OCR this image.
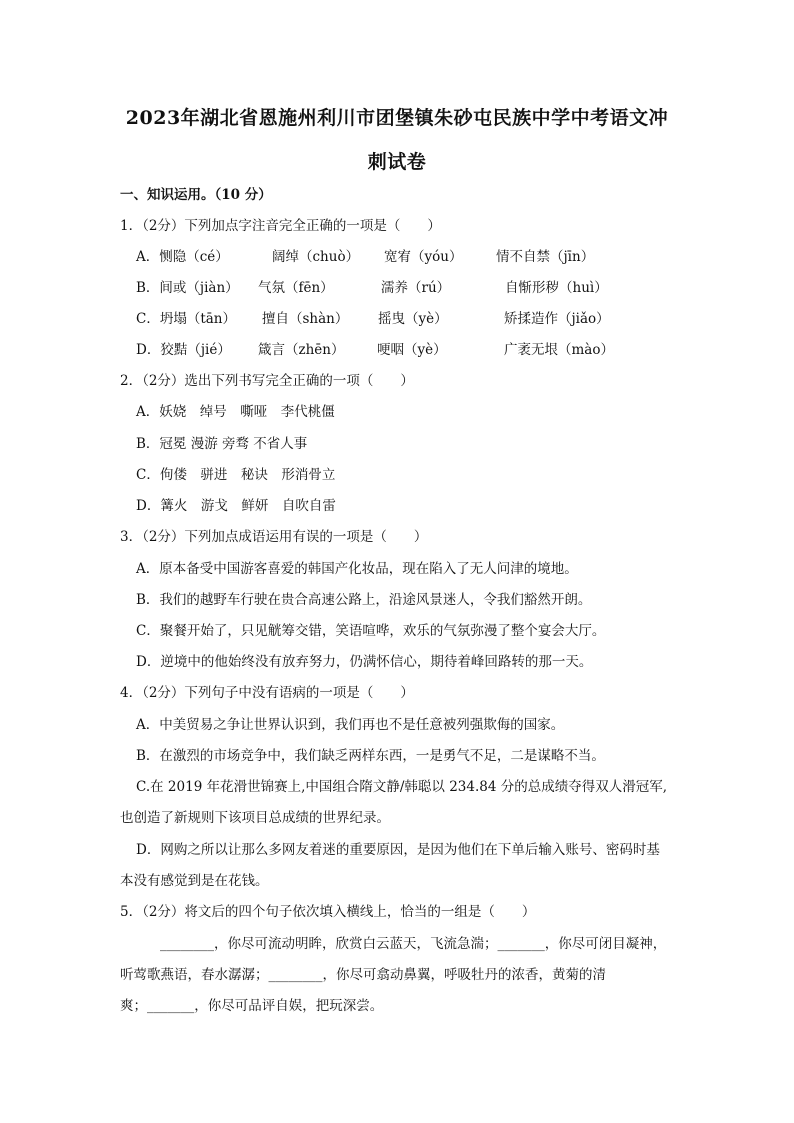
2023年湖北省恩施州利川市团堡镇朱砂屯民族中学中考语文冲
刺试卷
一、知识运用。（10 分）
1．（2分）下列加点字注音完全正确的一项是（　　）
A．恻隐（cé）	阔绰（chuò） 宽宥（yóu） 情不自禁（jīn）
B．间或（jiàn） 气氛（fēn）	濡养（rú）	自惭形秽（huì）
C．坍塌（tān） 擅自（shàn） 摇曳（yè）	矫揉造作（jiǎo）
D．狡黠（jié） 箴言（zhēn） 哽咽（yè）	广袤无垠（mào）
2．（2分）选出下列书写完全正确的一项（　　）
A．妖娆　绰号　嘶哑　李代桃僵
B．冠冕 漫游 旁骛 不省人事
C．佝偻　骈进　秘诀　形消骨立
D．篝火　游戈　鲜妍　自吹自雷
3．（2分）下列加点成语运用有误的一项是（　　）
A．原本备受中国游客喜爱的韩国产化妆品，现在陷入了无人问津的境地。
B．我们的越野车行驶在贵合高速公路上，沿途风景迷人，令我们豁然开朗。
C．聚餐开始了，只见觥筹交错，笑语喧哗，欢乐的气氛弥漫了整个宴会大厅。
D．逆境中的他始终没有放弃努力，仍满怀信心，期待着峰回路转的那一天。
4．（2分）下列句子中没有语病的一项是（　　）
A．中美贸易之争让世界认识到，我们再也不是任意被列强欺侮的国家。
B．在激烈的市场竞争中，我们缺乏两样东西，一是勇气不足，二是谋略不当。
C.在 2019 年花滑世锦赛上,中国组合隋文静/韩聪以 234.84 分的总成绩夺得双人滑冠军,
也创造了新规则下该项目总成绩的世界纪录。
D．网购之所以让那么多网友着迷的重要原因，是因为他们在下单后输入账号、密码时基
本没有感觉到是在花钱。
5．（2分）将文后的四个句子依次填入横线上，恰当的一组是（　　）
________，你尽可流动明眸，欣赏白云蓝天，飞流急湍；_______，你尽可闭目凝神，
听莺歌燕语，春水潺潺；________，你尽可翕动鼻翼，呼吸牡丹的浓香，黄菊的清
爽；_______，你尽可品评自娱，把玩深尝。
